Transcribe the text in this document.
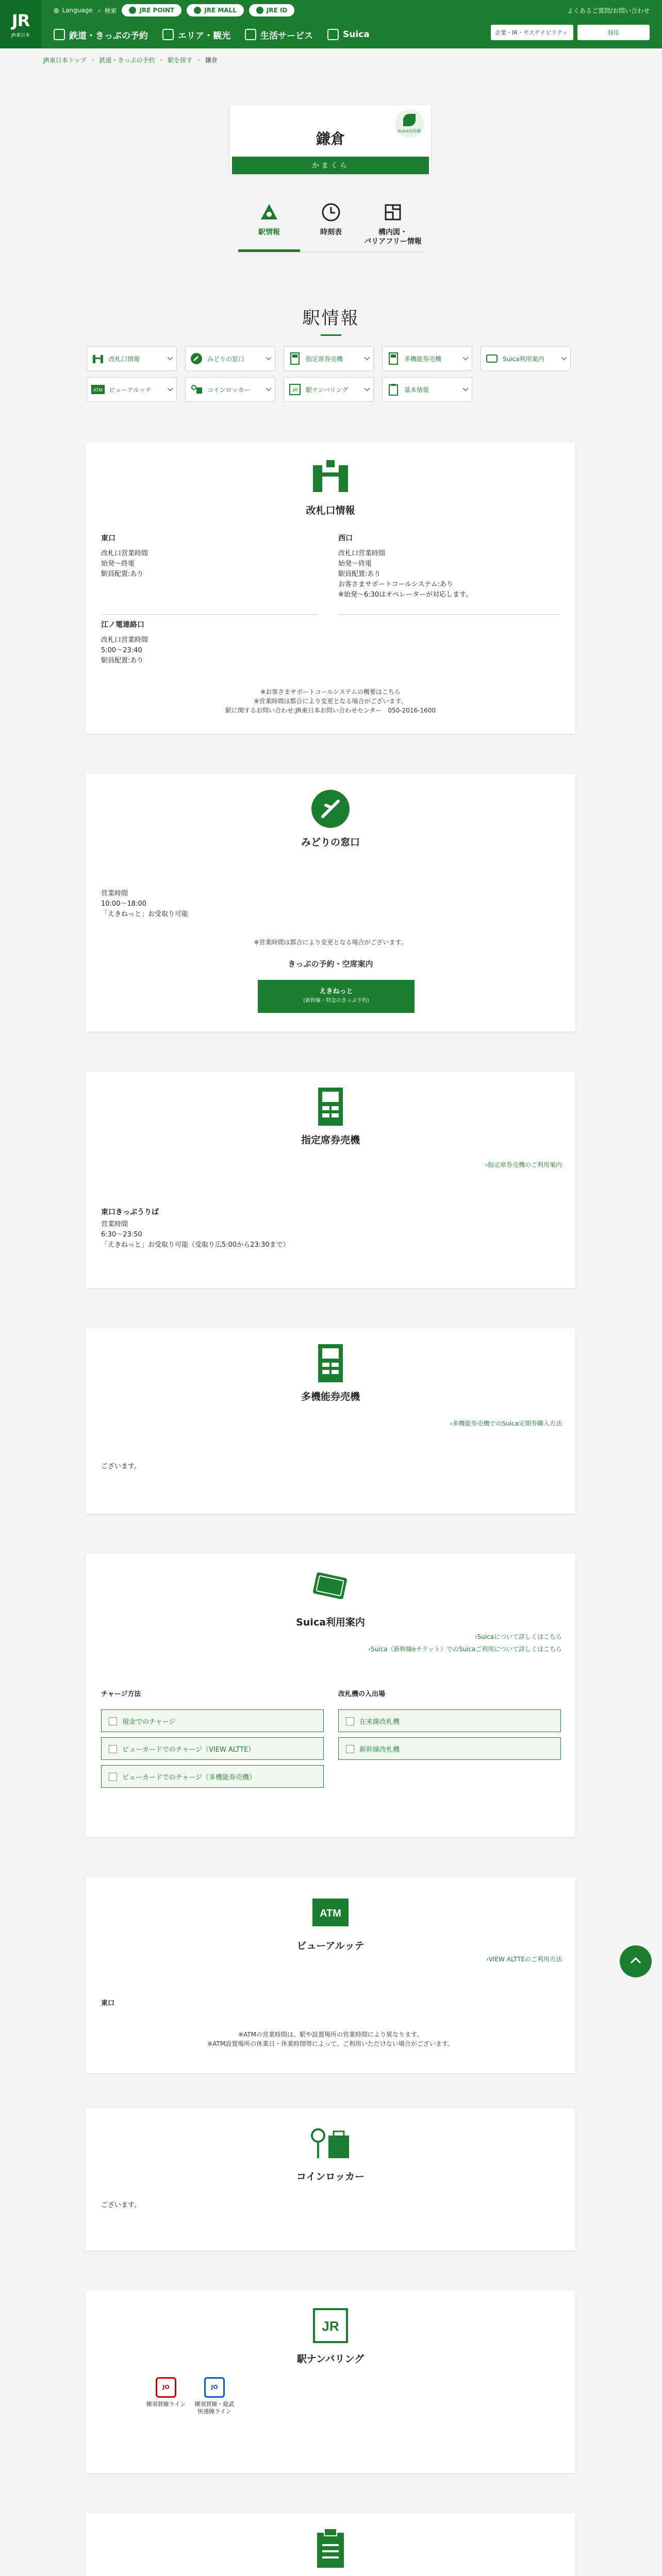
JR
JR東日本
◍ Language ⌕ 検索	JRE POINT	JRE MALL	JRE ID	よくあるご質問/お問い合わせ
鉄道・きっぷの予約	エリア・観光	生活サービス	Suica	企業・IR・サステナビリティ	採用
JR東日本トップ › 鉄道・きっぷの予約 › 駅を探す › 鎌倉
Suica対応駅
鎌倉
かまくら
駅情報	時刻表	構内図・
バリアフリー情報
駅情報
改札口情報	みどりの窓口	指定席券売機	多機能券売機	Suica利用案内
ATM ビューアルッテ	コインロッカー	JR 駅ナンバリング	基本情報
改札口情報
東口
改札口営業時間
始発〜終電
駅員配置:あり
西口
改札口営業時間
始発〜終電
駅員配置:あり
お客さまサポートコールシステム:あり
※始発〜6:30はオペレーターが対応します。
江ノ電連絡口
改札口営業時間
5:00〜23:40
駅員配置:あり
※お客さまサポートコールシステムの概要はこちら
※営業時間は都合により変更となる場合がございます。
駅に関するお問い合わせ:JR東日本お問い合わせセンター　050-2016-1600
みどりの窓口
営業時間
10:00〜18:00
「えきねっと」お受取り可能
※営業時間は都合により変更となる場合がございます。
きっぷの予約・空席案内
えきねっと
(新幹線・特急のきっぷ予約)
指定席券売機
› 指定席券売機のご利用案内
東口きっぷうりば
営業時間
6:30〜23:50
「えきねっと」お受取り可能（受取り広5:00から23:30まで）
多機能券売機
› 多機能券売機でのSuica定期券購入方法
ございます。
Suica利用案内
› Suicaについて詳しくはこちら
› Suica（新幹線eチケット）でのSuicaご利用について詳しくはこちら
チャージ方法	改札機の入出場
現金でのチャージ
ビューカードでのチャージ（VIEW ALTTE）
ビューカードでのチャージ（多機能券売機）
在来線改札機
新幹線改札機
ATM
ビューアルッテ
› VIEW ALTTEのご利用方法
東口
※ATMの営業時間は、駅や設置場所の営業時間により異なります。
※ATM設置場所の休業日・休業時間帯によって、ご利用いただけない場合がございます。
コインロッカー
ございます。
JR
駅ナンバリング
JO
横須賀線ライン
JO
横須賀線・総武快速線ライン
